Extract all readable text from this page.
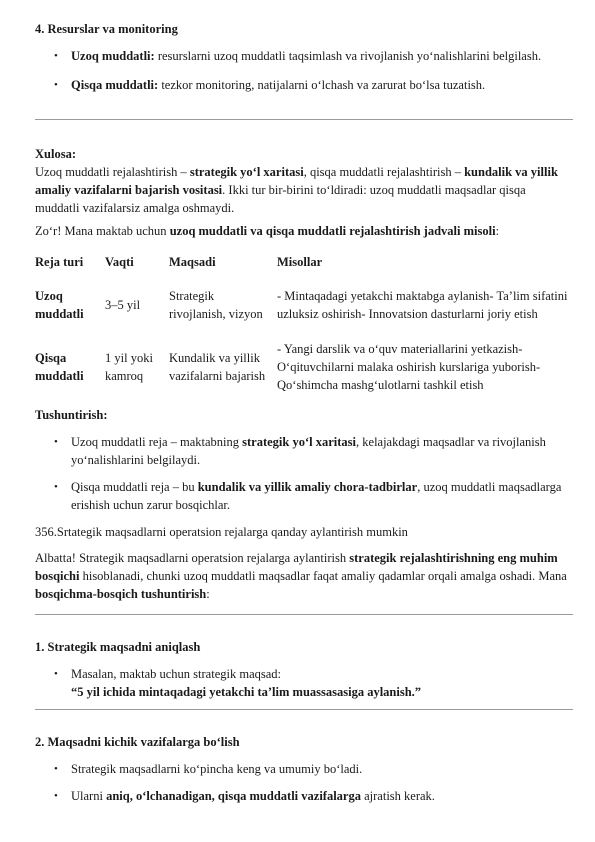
4. Resurslar va monitoring
• Uzoq muddatli: resurslarni uzoq muddatli taqsimlash va rivojlanish yo‘nalishlarini belgilash.
• Qisqa muddatli: tezkor monitoring, natijalarni o‘lchash va zarurat bo‘lsa tuzatish.
Xulosa:

Uzoq muddatli rejalashtirish – strategik yo‘l xaritasi, qisqa muddatli rejalashtirish – kundalik va yillik amaliy vazifalarni bajarish vositasi. Ikki tur bir-birini to‘ldiradi: uzoq muddatli maqsadlar qisqa muddatli vazifalarsiz amalga oshmaydi.

Zo‘r! Mana maktab uchun uzoq muddatli va qisqa muddatli rejalashtirish jadvali misoli:

Reja turi	Vaqti	Maqsadi	Misollar
Uzoq muddatli	3–5 yil	Strategik rivojlanish, vizyon	- Mintaqadagi yetakchi maktabga aylanish- Ta’lim sifatini uzluksiz oshirish- Innovatsion dasturlarni joriy etish
Qisqa muddatli	1 yil yoki kamroq	Kundalik va yillik vazifalarni bajarish	- Yangi darslik va o‘quv materiallarini yetkazish- O‘qituvchilarni malaka oshirish kurslariga yuborish- Qo‘shimcha mashg‘ulotlarni tashkil etish
Tushuntirish:
• Uzoq muddatli reja – maktabning strategik yo‘l xaritasi, kelajakdagi maqsadlar va rivojlanish yo‘nalishlarini belgilaydi.
• Qisqa muddatli reja – bu kundalik va yillik amaliy chora-tadbirlar, uzoq muddatli maqsadlarga erishish uchun zarur bosqichlar.

356.Srtategik maqsadlarni operatsion rejalarga qanday aylantirish mumkin

Albatta! Strategik maqsadlarni operatsion rejalarga aylantirish strategik rejalashtirishning eng muhim bosqichi hisoblanadi, chunki uzoq muddatli maqsadlar faqat amaliy qadamlar orqali amalga oshadi. Mana bosqichma-bosqich tushuntirish:

1. Strategik maqsadni aniqlash
• Masalan, maktab uchun strategik maqsad:
“5 yil ichida mintaqadagi yetakchi ta’lim muassasasiga aylanish.”
2. Maqsadni kichik vazifalarga bo‘lish
• Strategik maqsadlarni ko‘pincha keng va umumiy bo‘ladi.
• Ularni aniq, o‘lchanadigan, qisqa muddatli vazifalarga ajratish kerak.
